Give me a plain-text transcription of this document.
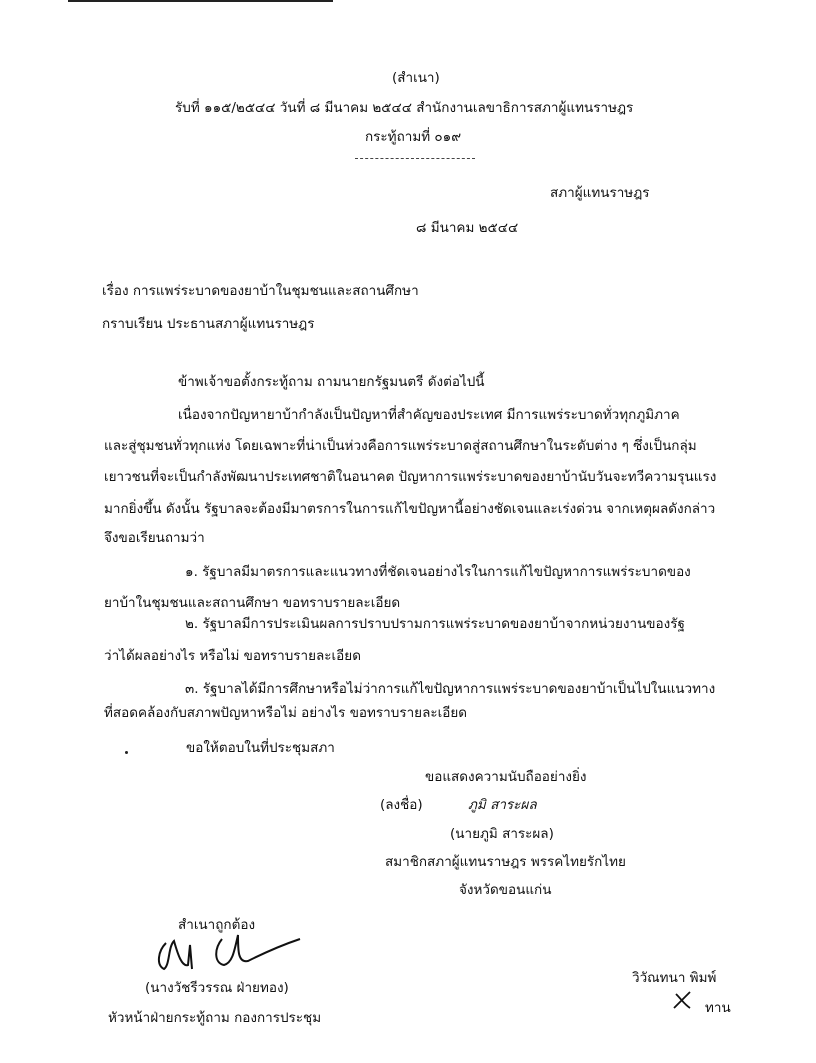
(สำเนา)
รับที่ ๑๑๕/๒๕๔๔ วันที่ ๘ มีนาคม ๒๕๔๔ สำนักงานเลขาธิการสภาผู้แทนราษฎร
กระทู้ถามที่ ๐๑๙
สภาผู้แทนราษฎร
๘ มีนาคม ๒๕๔๔
เรื่อง การแพร่ระบาดของยาบ้าในชุมชนและสถานศึกษา
กราบเรียน ประธานสภาผู้แทนราษฎร
ข้าพเจ้าขอตั้งกระทู้ถาม ถามนายกรัฐมนตรี ดังต่อไปนี้
เนื่องจากปัญหายาบ้ากำลังเป็นปัญหาที่สำคัญของประเทศ มีการแพร่ระบาดทั่วทุกภูมิภาค
และสู่ชุมชนทั่วทุกแห่ง โดยเฉพาะที่น่าเป็นห่วงคือการแพร่ระบาดสู่สถานศึกษาในระดับต่าง ๆ ซึ่งเป็นกลุ่ม
เยาวชนที่จะเป็นกำลังพัฒนาประเทศชาติในอนาคต ปัญหาการแพร่ระบาดของยาบ้านับวันจะทวีความรุนแรง
มากยิ่งขึ้น ดังนั้น รัฐบาลจะต้องมีมาตรการในการแก้ไขปัญหานี้อย่างชัดเจนและเร่งด่วน จากเหตุผลดังกล่าว
จึงขอเรียนถามว่า
๑. รัฐบาลมีมาตรการและแนวทางที่ชัดเจนอย่างไรในการแก้ไขปัญหาการแพร่ระบาดของ
ยาบ้าในชุมชนและสถานศึกษา ขอทราบรายละเอียด
๒. รัฐบาลมีการประเมินผลการปราบปรามการแพร่ระบาดของยาบ้าจากหน่วยงานของรัฐ
ว่าได้ผลอย่างไร หรือไม่ ขอทราบรายละเอียด
๓. รัฐบาลได้มีการศึกษาหรือไม่ว่าการแก้ไขปัญหาการแพร่ระบาดของยาบ้าเป็นไปในแนวทาง
ที่สอดคล้องกับสภาพปัญหาหรือไม่ อย่างไร ขอทราบรายละเอียด
ขอให้ตอบในที่ประชุมสภา
ขอแสดงความนับถืออย่างยิ่ง
(ลงชื่อ)	ภูมิ สาระผล
(นายภูมิ สาระผล)
สมาชิกสภาผู้แทนราษฎร พรรคไทยรักไทย
จังหวัดขอนแก่น
สำเนาถูกต้อง
(นางวัชรีวรรณ ฝ่ายทอง)
หัวหน้าฝ่ายกระทู้ถาม กองการประชุม
วิวัณทนา พิมพ์
ทาน
